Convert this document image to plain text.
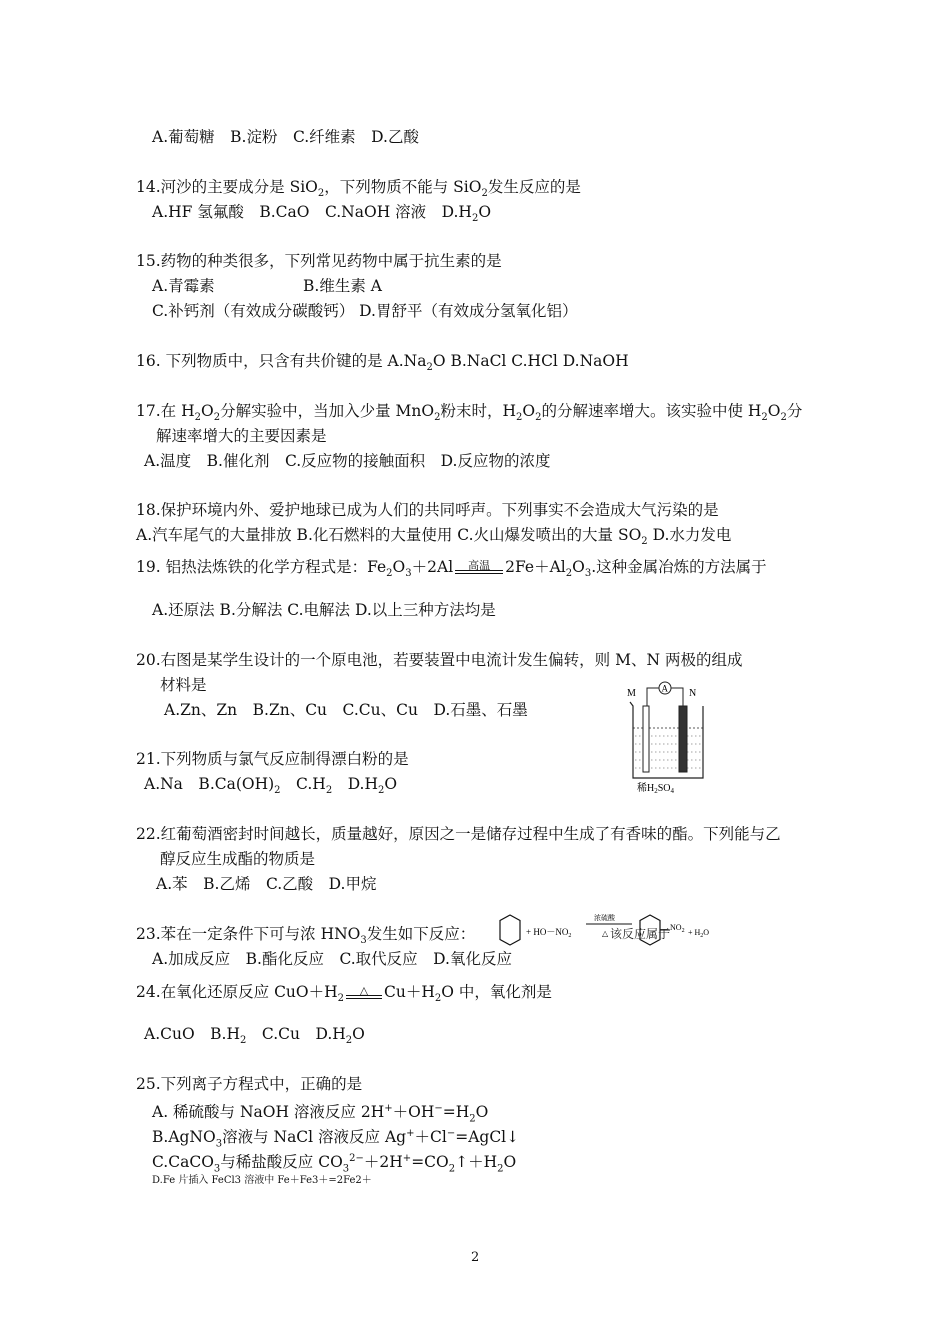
A.葡萄糖　B.淀粉　C.纤维素　D.乙酸
14.河沙的主要成分是 SiO$_2$，下列物质不能与 SiO$_2$发生反应的是
A.HF 氢氟酸　B.CaO　C.NaOH 溶液　$D.H_2O$
15.药物的种类很多，下列常见药物中属于抗生素的是
A.青霉素	B.维生素 A
C.补钙剂（有效成分碳酸钙） D.胃舒平（有效成分氢氧化铝）
16. 下列物质中，只含有共价键的是 $A.Na_2O$ B.NaCl C.HCl D.NaOH
17.在 $H_2O_2$分解实验中，当加入少量 MnO$_2$粉末时，$H_2O_2$的分解速率增大。该实验中使 $H_2O_2$分
解速率增大的主要因素是
A.温度　B.催化剂　C.反应物的接触面积　D.反应物的浓度
18.保护环境内外、爱护地球已成为人们的共同呼声。下列事实不会造成大气污染的是
A.汽车尾气的大量排放 B.化石燃料的大量使用 C.火山爆发喷出的大量 $SO_2$ D.水力发电
19. 铝热法炼铁的化学方程式是：$Fe_2O_3+2Al$	高温 $2Fe+Al_2O_3$.这种金属冶炼的方法属于
A.还原法 B.分解法 C.电解法 D.以上三种方法均是
20.右图是某学生设计的一个原电池，若要装置中电流计发生偏转，则 M、N 两极的组成
材料是
A.Zn、Zn　B.Zn、Cu　C.Cu、Cu　D.石墨、石墨
M	N
A
稀$H_2SO_4$
21.下列物质与氯气反应制得漂白粉的是
A.Na　$B.Ca(OH)_2$　$C.H_2$　$D.H_2O$
22.红葡萄酒密封时间越长，质量越好，原因之一是储存过程中生成了有香味的酯。下列能与乙
醇反应生成酯的物质是
A.苯　B.乙烯　C.乙酸　D.甲烷
23.苯在一定条件下可与浓 $HNO_3$发生如下反应：	+ $HO-NO_2$
浓硫酸
△
$NO_2 + H_2O$
该反应属于
A.加成反应　B.酯化反应　C.取代反应　D.氧化反应
24.在氧化还原反应 $CuO+H_2$
△	$Cu+H_2O$ 中，氧化剂是
A.CuO　$B.H_2$　C.Cu　$D.H_2O$
25.下列离子方程式中，正确的是
A. 稀硫酸与 NaOH 溶液反应 $2H^++OH^-=H_2O$
B.AgNO$_3$溶液与 NaCl 溶液反应 Ag+＋Cl−=AgCl↓
C.CaCO$_3$与稀盐酸反应 $CO_3^{2-}+2H^+=CO_2↑+H_2O$
D.Fe 片插入 FeCl3 溶液中 Fe＋Fe3＋=2Fe2＋
2
